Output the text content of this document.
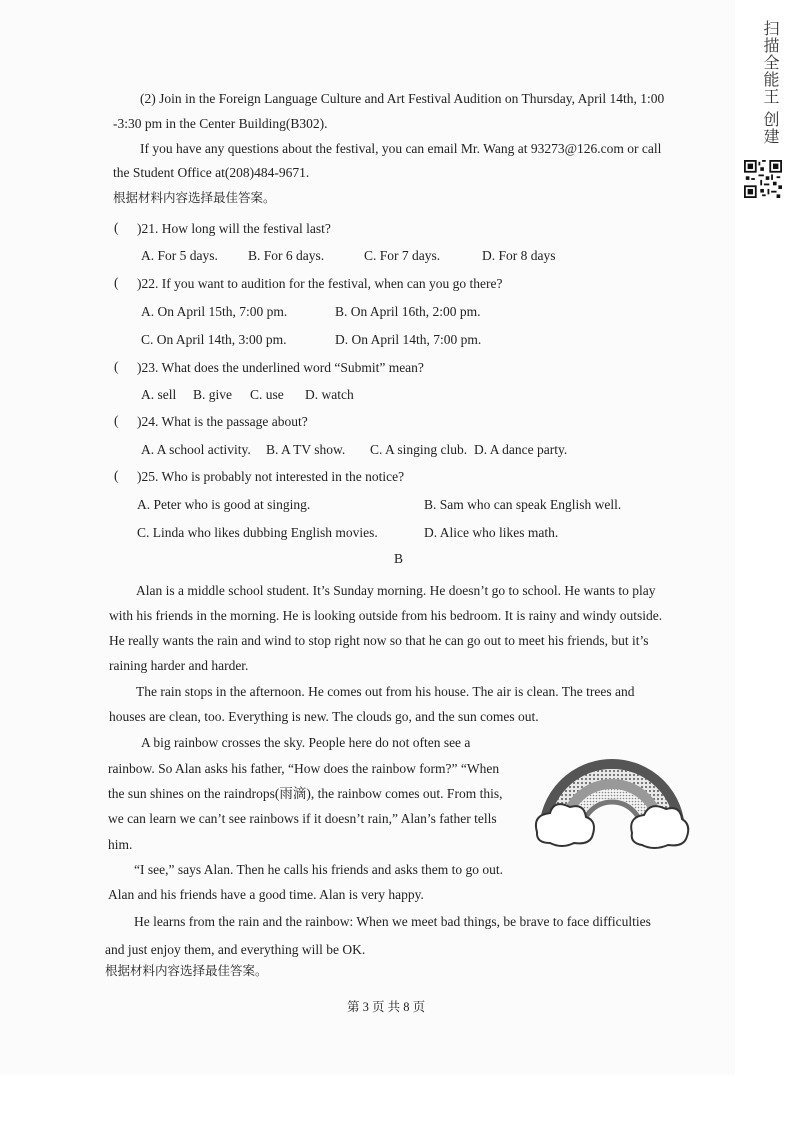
(2) Join in the Foreign Language Culture and Art Festival Audition on Thursday, April 14th, 1:00
-3:30 pm in the Center Building(B302).
If you have any questions about the festival, you can email Mr. Wang at 93273@126.com or call
the Student Office at(208)484-9671.
根据材料内容选择最佳答案。
( )21. How long will the festival last?
A. For 5 days. B. For 6 days.	C. For 7 days.	D. For 8 days
( )22. If you want to audition for the festival, when can you go there?
A. On April 15th, 7:00 pm.	B. On April 16th, 2:00 pm.
C. On April 14th, 3:00 pm.	D. On April 14th, 7:00 pm.
( )23. What does the underlined word “Submit” mean?
A. sell B. give C. use D. watch
( )24. What is the passage about?
A. A school activity. B. A TV show. C. A singing club. D. A dance party.
( )25. Who is probably not interested in the notice?
A. Peter who is good at singing.	B. Sam who can speak English well.
C. Linda who likes dubbing English movies.	D. Alice who likes math.
B
Alan is a middle school student. It’s Sunday morning. He doesn’t go to school. He wants to play
with his friends in the morning. He is looking outside from his bedroom. It is rainy and windy outside.
He really wants the rain and wind to stop right now so that he can go out to meet his friends, but it’s
raining harder and harder.
The rain stops in the afternoon. He comes out from his house. The air is clean. The trees and
houses are clean, too. Everything is new. The clouds go, and the sun comes out.
A big rainbow crosses the sky. People here do not often see a
rainbow. So Alan asks his father, “How does the rainbow form?” “When
the sun shines on the raindrops(雨滴), the rainbow comes out. From this,
we can learn we can’t see rainbows if it doesn’t rain,” Alan’s father tells
him.
“I see,” says Alan. Then he calls his friends and asks them to go out.
Alan and his friends have a good time. Alan is very happy.
He learns from the rain and the rainbow: When we meet bad things, be brave to face difficulties
and just enjoy them, and everything will be OK.
根据材料内容选择最佳答案。
第 3 页 共 8 页
扫描全能王 创建
